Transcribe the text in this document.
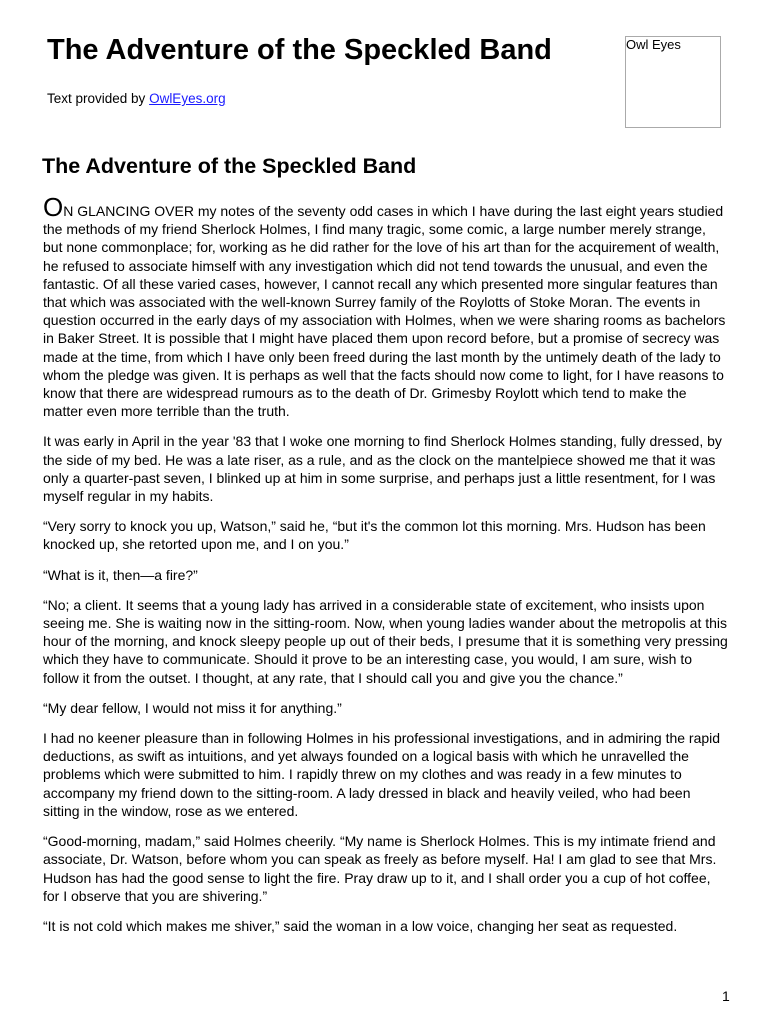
The Adventure of the Speckled Band
Text provided by OwlEyes.org
Owl Eyes
The Adventure of the Speckled Band

ON GLANCING OVER my notes of the seventy odd cases in which I have during the last eight years studied the methods of my friend Sherlock Holmes, I find many tragic, some comic, a large number merely strange, but none commonplace; for, working as he did rather for the love of his art than for the acquirement of wealth, he refused to associate himself with any investigation which did not tend towards the unusual, and even the fantastic. Of all these varied cases, however, I cannot recall any which presented more singular features than that which was associated with the well-known Surrey family of the Roylotts of Stoke Moran. The events in question occurred in the early days of my association with Holmes, when we were sharing rooms as bachelors in Baker Street. It is possible that I might have placed them upon record before, but a promise of secrecy was made at the time, from which I have only been freed during the last month by the untimely death of the lady to whom the pledge was given. It is perhaps as well that the facts should now come to light, for I have reasons to know that there are widespread rumours as to the death of Dr. Grimesby Roylott which tend to make the matter even more terrible than the truth.

It was early in April in the year '83 that I woke one morning to find Sherlock Holmes standing, fully dressed, by the side of my bed. He was a late riser, as a rule, and as the clock on the mantelpiece showed me that it was only a quarter-past seven, I blinked up at him in some surprise, and perhaps just a little resentment, for I was myself regular in my habits.

“Very sorry to knock you up, Watson,” said he, “but it's the common lot this morning. Mrs. Hudson has been knocked up, she retorted upon me, and I on you.”

“What is it, then—a fire?”

“No; a client. It seems that a young lady has arrived in a considerable state of excitement, who insists upon seeing me. She is waiting now in the sitting-room. Now, when young ladies wander about the metropolis at this hour of the morning, and knock sleepy people up out of their beds, I presume that it is something very pressing which they have to communicate. Should it prove to be an interesting case, you would, I am sure, wish to follow it from the outset. I thought, at any rate, that I should call you and give you the chance.”

“My dear fellow, I would not miss it for anything.”

I had no keener pleasure than in following Holmes in his professional investigations, and in admiring the rapid deductions, as swift as intuitions, and yet always founded on a logical basis with which he unravelled the problems which were submitted to him. I rapidly threw on my clothes and was ready in a few minutes to accompany my friend down to the sitting-room. A lady dressed in black and heavily veiled, who had been sitting in the window, rose as we entered.

“Good-morning, madam,” said Holmes cheerily. “My name is Sherlock Holmes. This is my intimate friend and associate, Dr. Watson, before whom you can speak as freely as before myself. Ha! I am glad to see that Mrs. Hudson has had the good sense to light the fire. Pray draw up to it, and I shall order you a cup of hot coffee, for I observe that you are shivering.”

“It is not cold which makes me shiver,” said the woman in a low voice, changing her seat as requested.

1
